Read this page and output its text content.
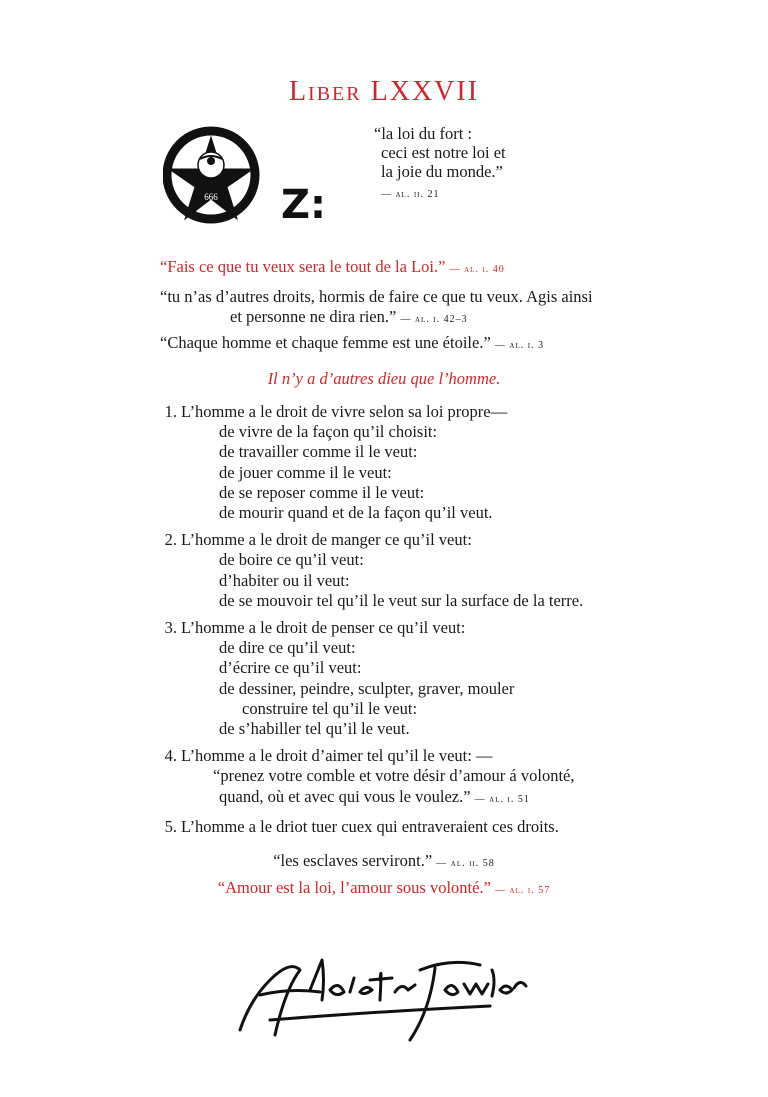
Liber LXXVII
666 Z:
“la loi du fort :
ceci est notre loi et
la joie du monde.”
— al. ii. 21
“Fais ce que tu veux sera le tout de la Loi.” — al. i. 40
“tu n’as d’autres droits, hormis de faire ce que tu veux. Agis ainsi
et personne ne dira rien.” — al. i. 42–3
“Chaque homme et chaque femme est une étoile.” — al. i. 3
Il n’y a d’autres dieu que l’homme.
1. L’homme a le droit de vivre selon sa loi propre—
de vivre de la façon qu’il choisit:
de travailler comme il le veut:
de jouer comme il le veut:
de se reposer comme il le veut:
de mourir quand et de la façon qu’il veut.
2. L’homme a le droit de manger ce qu’il veut:
de boire ce qu’il veut:
d’habiter ou il veut:
de se mouvoir tel qu’il le veut sur la surface de la terre.
3. L’homme a le droit de penser ce qu’il veut:
de dire ce qu’il veut:
d’écrire ce qu’il veut:
de dessiner, peindre, sculpter, graver, mouler
construire tel qu’il le veut:
de s’habiller tel qu’il le veut.
4. L’homme a le droit d’aimer tel qu’il le veut: —
“prenez votre comble et votre désir d’amour á volonté,
quand, où et avec qui vous le voulez.” — al. i. 51
5. L’homme a le driot tuer cuex qui entraveraient ces droits.
“les esclaves serviront.” — al. ii. 58
“Amour est la loi, l’amour sous volonté.” — al. i. 57
